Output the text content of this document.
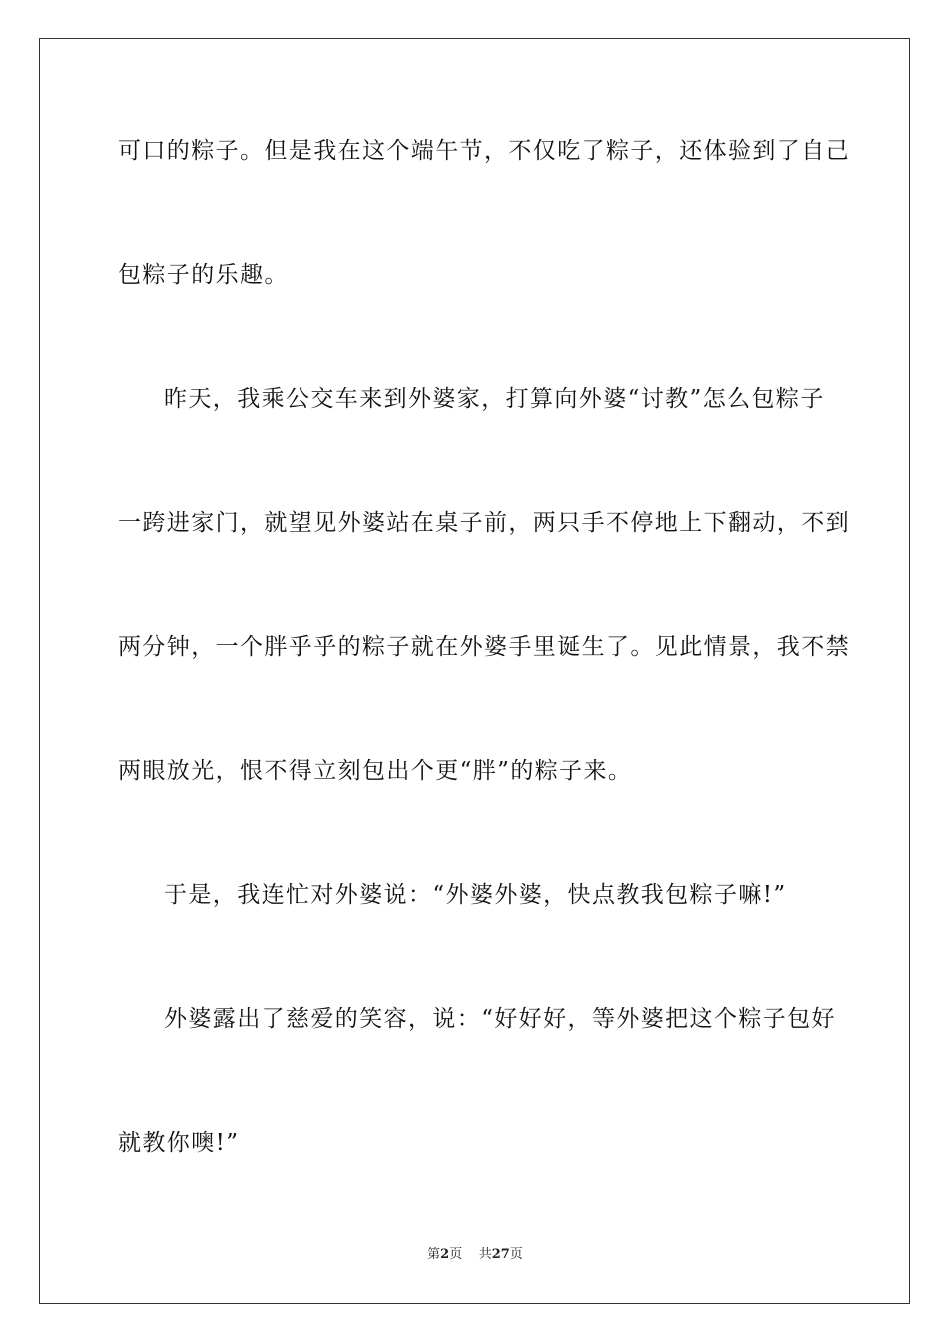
可口的粽子。但是我在这个端午节，不仅吃了粽子，还体验到了自己
包粽子的乐趣。
昨天，我乘公交车来到外婆家，打算向外婆“讨教”怎么包粽子
一跨进家门，就望见外婆站在桌子前，两只手不停地上下翻动，不到
两分钟，一个胖乎乎的粽子就在外婆手里诞生了。见此情景，我不禁
两眼放光，恨不得立刻包出个更“胖”的粽子来。
于是，我连忙对外婆说：“外婆外婆，快点教我包粽子嘛!”
外婆露出了慈爱的笑容，说：“好好好，等外婆把这个粽子包好
就教你噢!”
第2页 共27页
